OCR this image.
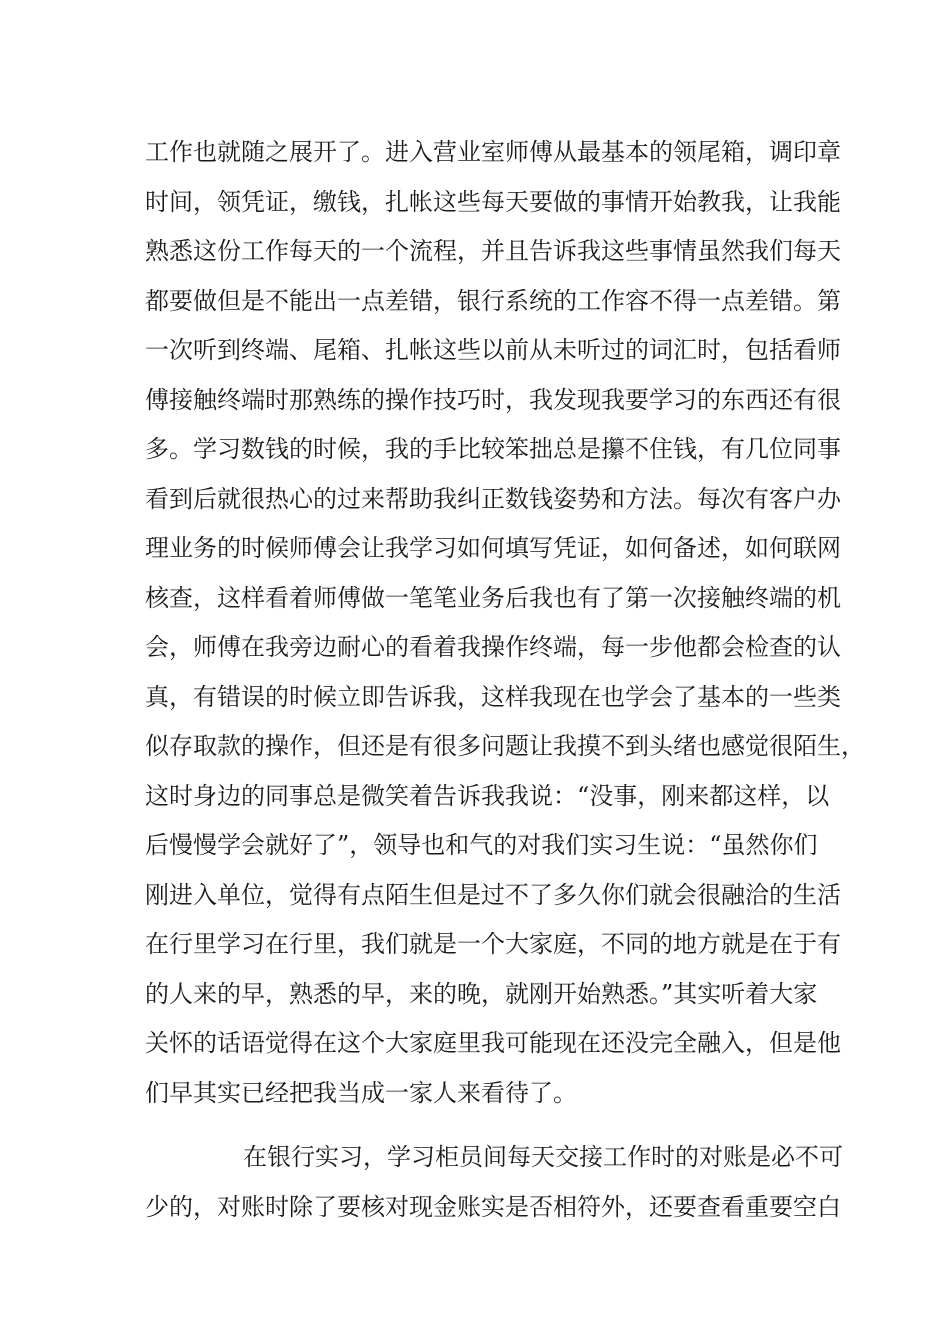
工作也就随之展开了。进入营业室师傅从最基本的领尾箱，调印章
时间，领凭证，缴钱，扎帐这些每天要做的事情开始教我，让我能
熟悉这份工作每天的一个流程，并且告诉我这些事情虽然我们每天
都要做但是不能出一点差错，银行系统的工作容不得一点差错。第
一次听到终端、尾箱、扎帐这些以前从未听过的词汇时，包括看师
傅接触终端时那熟练的操作技巧时，我发现我要学习的东西还有很
多。学习数钱的时候，我的手比较笨拙总是攥不住钱，有几位同事
看到后就很热心的过来帮助我纠正数钱姿势和方法。每次有客户办
理业务的时候师傅会让我学习如何填写凭证，如何备述，如何联网
核查，这样看着师傅做一笔笔业务后我也有了第一次接触终端的机
会，师傅在我旁边耐心的看着我操作终端，每一步他都会检查的认
真，有错误的时候立即告诉我，这样我现在也学会了基本的一些类
似存取款的操作，但还是有很多问题让我摸不到头绪也感觉很陌生，
这时身边的同事总是微笑着告诉我我说：“没事，刚来都这样，以
后慢慢学会就好了”，领导也和气的对我们实习生说：“虽然你们
刚进入单位，觉得有点陌生但是过不了多久你们就会很融洽的生活
在行里学习在行里，我们就是一个大家庭，不同的地方就是在于有
的人来的早，熟悉的早，来的晚，就刚开始熟悉。”其实听着大家
关怀的话语觉得在这个大家庭里我可能现在还没完全融入，但是他
们早其实已经把我当成一家人来看待了。
在银行实习，学习柜员间每天交接工作时的对账是必不可
少的，对账时除了要核对现金账实是否相符外，还要查看重要空白
